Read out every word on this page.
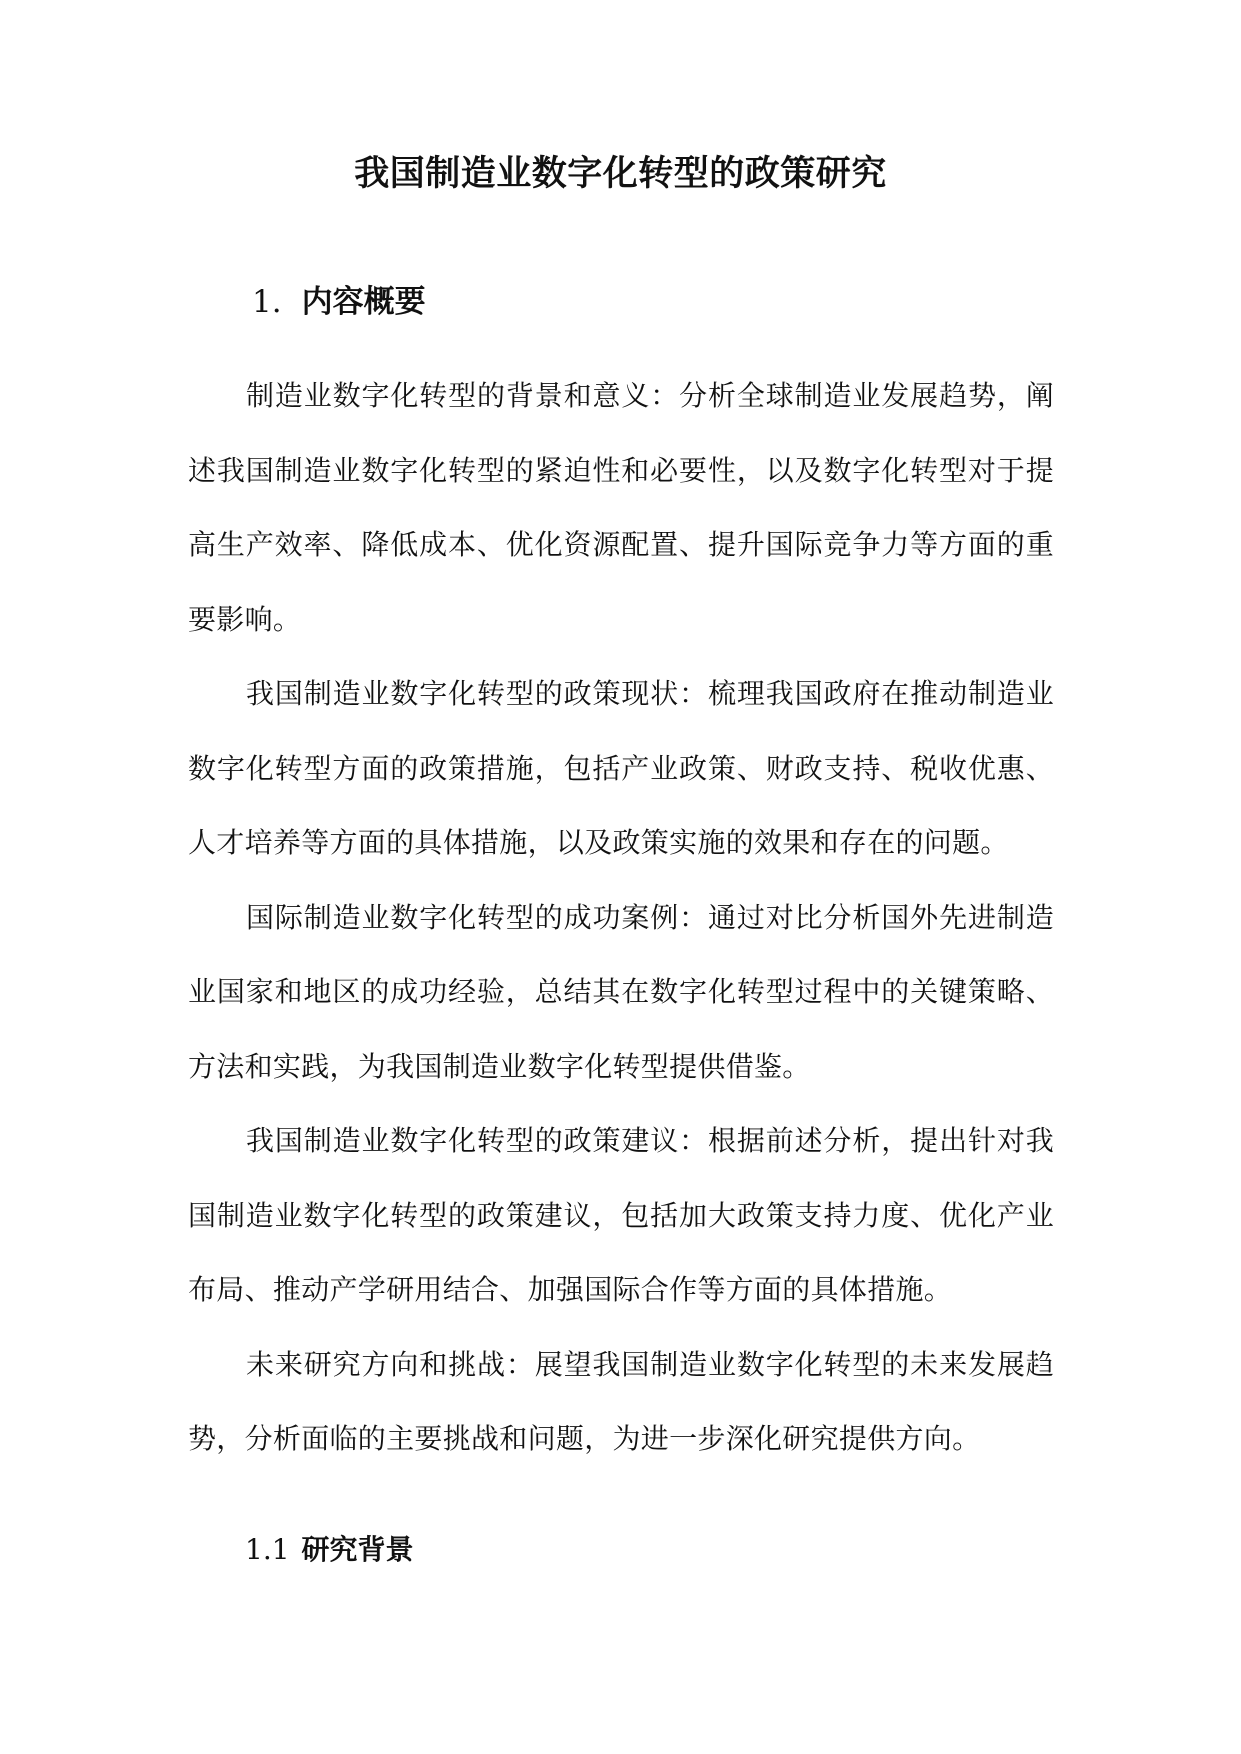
我国制造业数字化转型的政策研究
1. 内容概要

制造业数字化转型的背景和意义：分析全球制造业发展趋势，阐述我国制造业数字化转型的紧迫性和必要性，以及数字化转型对于提高生产效率、降低成本、优化资源配置、提升国际竞争力等方面的重要影响。

我国制造业数字化转型的政策现状：梳理我国政府在推动制造业数字化转型方面的政策措施，包括产业政策、财政支持、税收优惠、人才培养等方面的具体措施，以及政策实施的效果和存在的问题。

国际制造业数字化转型的成功案例：通过对比分析国外先进制造业国家和地区的成功经验，总结其在数字化转型过程中的关键策略、方法和实践，为我国制造业数字化转型提供借鉴。

我国制造业数字化转型的政策建议：根据前述分析，提出针对我国制造业数字化转型的政策建议，包括加大政策支持力度、优化产业布局、推动产学研用结合、加强国际合作等方面的具体措施。

未来研究方向和挑战：展望我国制造业数字化转型的未来发展趋势，分析面临的主要挑战和问题，为进一步深化研究提供方向。

1.1 研究背景
